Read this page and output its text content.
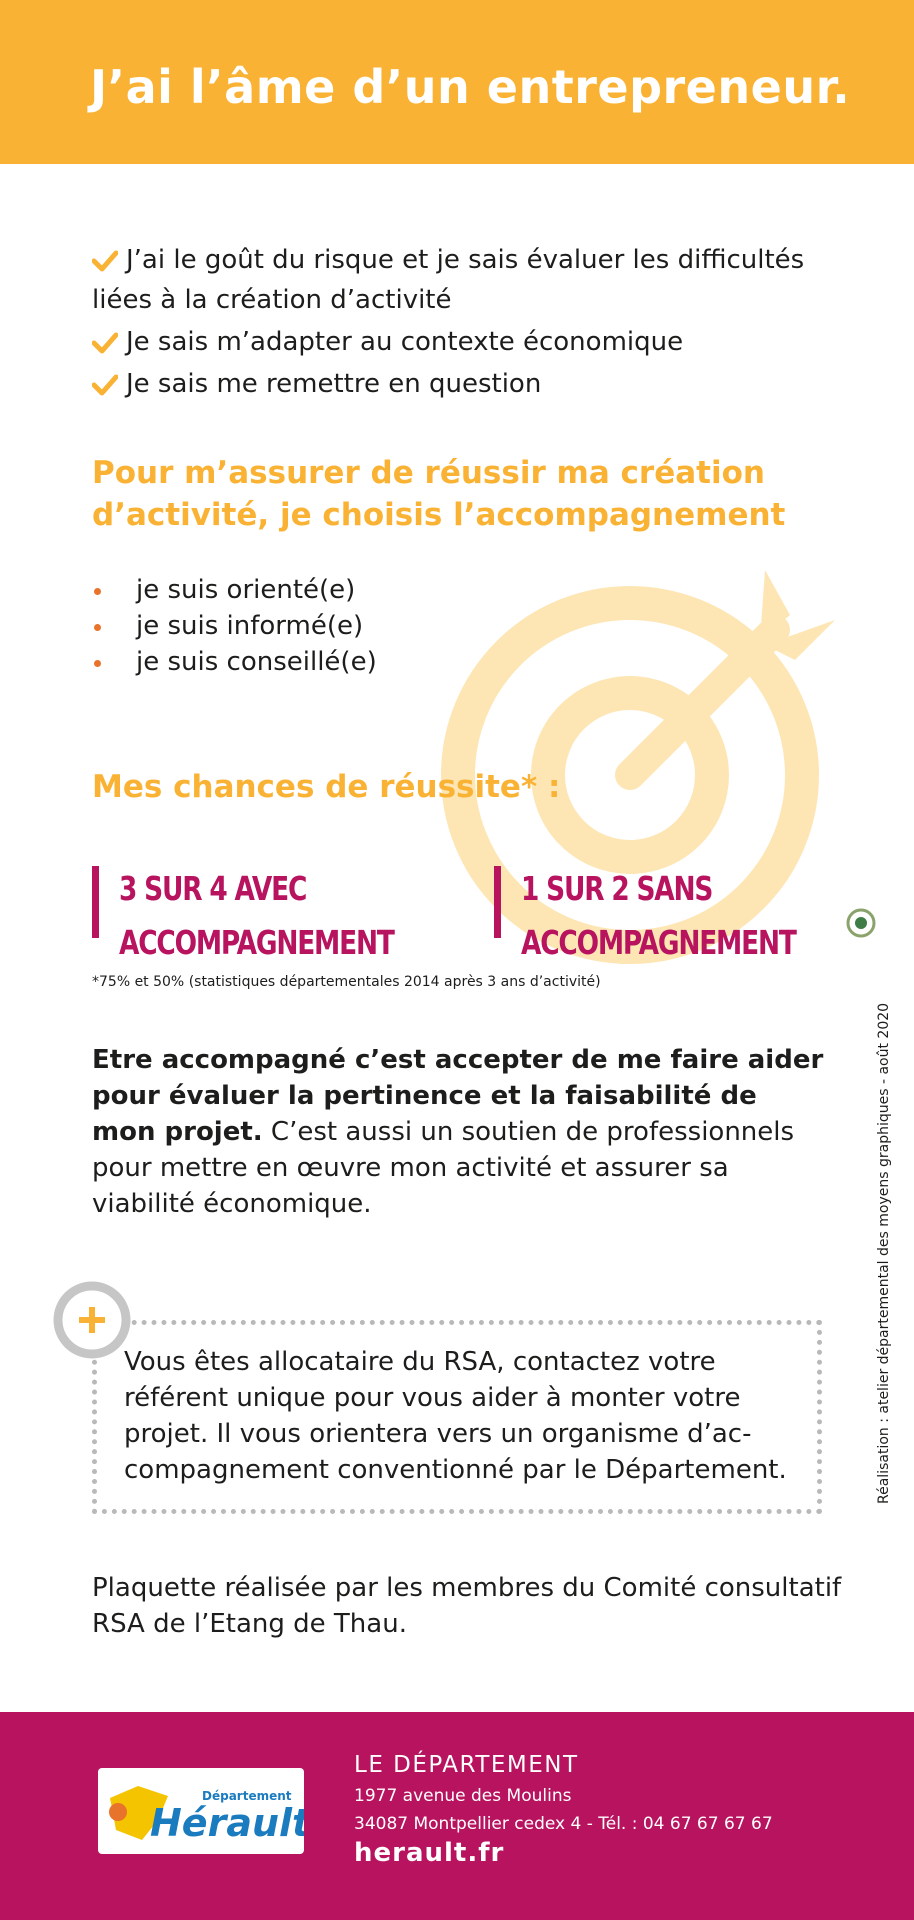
J’ai l’âme d’un entrepreneur.
J’ai le goût du risque et je sais évaluer les difficultés
liées à la création d’activité
Je sais m’adapter au contexte économique
Je sais me remettre en question
Pour m’assurer de réussir ma création
d’activité, je choisis l’accompagnement
je suis orienté(e)
je suis informé(e)
je suis conseillé(e)
Mes chances de réussite* :
3 SUR 4 AVEC
ACCOMPAGNEMENT
1 SUR 2 SANS
ACCOMPAGNEMENT
*75% et 50% (statistiques départementales 2014 après 3 ans d’activité)
Etre accompagné c’est accepter de me faire aider pour évaluer la pertinence et la faisabilité de mon projet. C’est aussi un soutien de professionnels pour mettre en œuvre mon activité et assurer sa viabilité économique.
Vous êtes allocataire du RSA, contactez votre référent unique pour vous aider à monter votre projet. Il vous orientera vers un organisme d’ac-compagnement conventionné par le Département.
Plaquette réalisée par les membres du Comité consultatif RSA de l’Etang de Thau.
Réalisation : atelier départemental des moyens graphiques - août 2020
Département
Hérault
LE DÉPARTEMENT
1977 avenue des Moulins
34087 Montpellier cedex 4 - Tél. : 04 67 67 67 67
herault.fr
